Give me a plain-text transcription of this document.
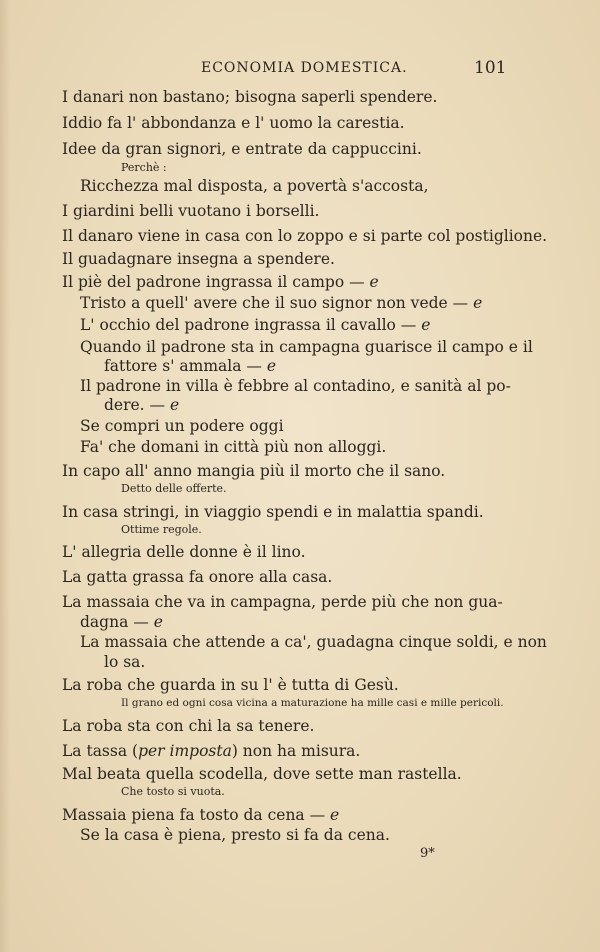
ECONOMIA DOMESTICA.	101
I danari non bastano; bisogna saperli spendere.
Iddio fa l' abbondanza e l' uomo la carestia.
Idee da gran signori, e entrate da cappuccini.
Perchè :
Ricchezza mal disposta, a povertà s'accosta,
I giardini belli vuotano i borselli.
Il danaro viene in casa con lo zoppo e si parte col postiglione.
Il guadagnare insegna a spendere.
Il piè del padrone ingrassa il campo — e
Tristo a quell' avere che il suo signor non vede — e
L' occhio del padrone ingrassa il cavallo — e
Quando il padrone sta in campagna guarisce il campo e il
fattore s' ammala — e
Il padrone in villa è febbre al contadino, e sanità al po-
dere. — e
Se compri un podere oggi
Fa' che domani in città più non alloggi.
In capo all' anno mangia più il morto che il sano.
Detto delle offerte.
In casa stringi, in viaggio spendi e in malattia spandi.
Ottime regole.
L' allegria delle donne è il lino.
La gatta grassa fa onore alla casa.
La massaia che va in campagna, perde più che non gua-
dagna — e
La massaia che attende a ca', guadagna cinque soldi, e non
lo sa.
La roba che guarda in su l' è tutta di Gesù.
Il grano ed ogni cosa vicina a maturazione ha mille casi e mille pericoli.
La roba sta con chi la sa tenere.
La tassa (per imposta) non ha misura.
Mal beata quella scodella, dove sette man rastella.
Che tosto si vuota.
Massaia piena fa tosto da cena — e
Se la casa è piena, presto si fa da cena.
9*
